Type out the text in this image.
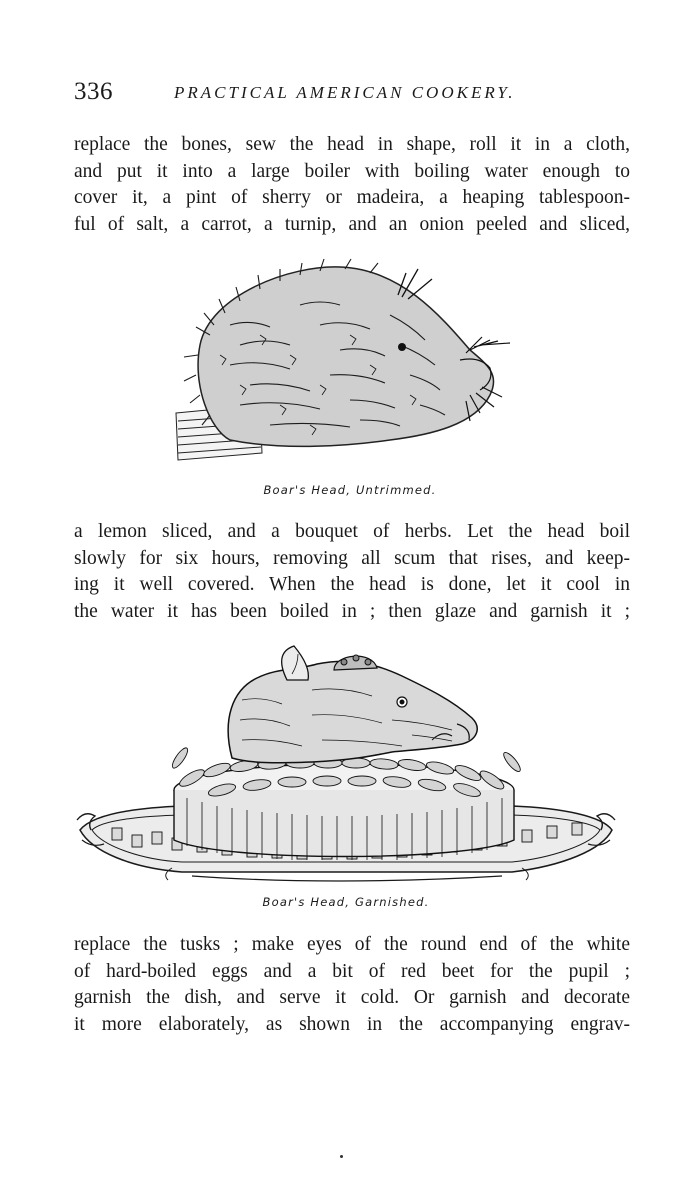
336	PRACTICAL AMERICAN COOKERY.
replace the bones, sew the head in shape, roll it in a cloth,
and put it into a large boiler with boiling water enough to
cover it, a pint of sherry or madeira, a heaping tablespoon-
ful of salt, a carrot, a turnip, and an onion peeled and sliced,
Boar's Head, Untrimmed.
a lemon sliced, and a bouquet of herbs. Let the head boil
slowly for six hours, removing all scum that rises, and keep-
ing it well covered. When the head is done, let it cool in
the water it has been boiled in ; then glaze and garnish it ;
Boar's Head, Garnished.
replace the tusks ; make eyes of the round end of the white
of hard-boiled eggs and a bit of red beet for the pupil ;
garnish the dish, and serve it cold. Or garnish and decorate
it more elaborately, as shown in the accompanying engrav-
